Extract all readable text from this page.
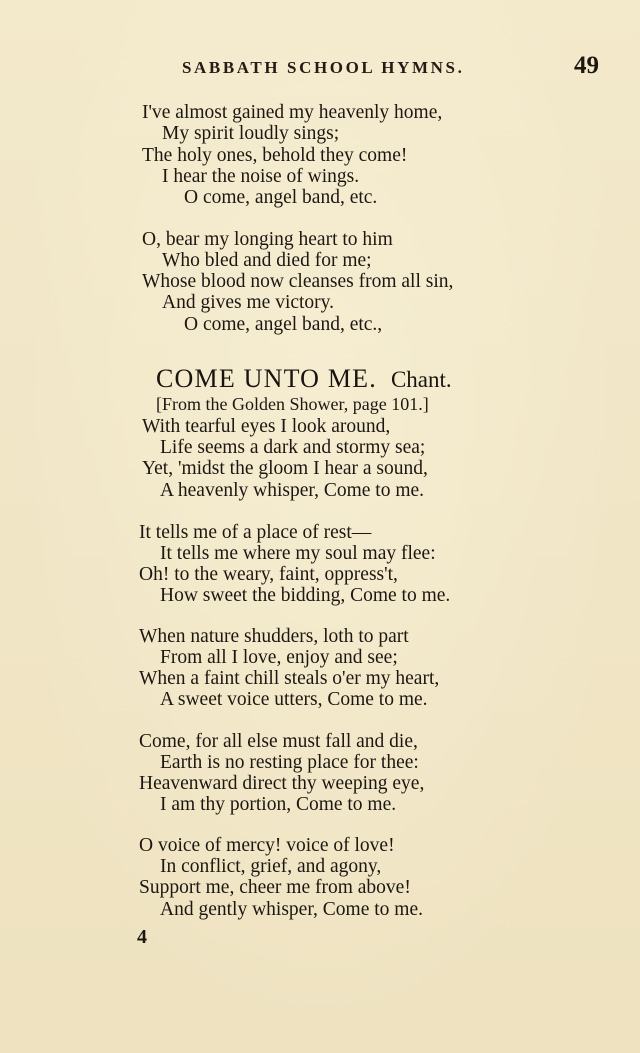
SABBATH SCHOOL HYMNS.	49
I've almost gained my heavenly home,
My spirit loudly sings;
The holy ones, behold they come!
I hear the noise of wings.
O come, angel band, etc.
O, bear my longing heart to him
Who bled and died for me;
Whose blood now cleanses from all sin,
And gives me victory.
O come, angel band, etc.,
COME UNTO ME. Chant.
[From the Golden Shower, page 101.]
With tearful eyes I look around,
Life seems a dark and stormy sea;
Yet, 'midst the gloom I hear a sound,
A heavenly whisper, Come to me.
It tells me of a place of rest—
It tells me where my soul may flee:
Oh! to the weary, faint, oppress't,
How sweet the bidding, Come to me.
When nature shudders, loth to part
From all I love, enjoy and see;
When a faint chill steals o'er my heart,
A sweet voice utters, Come to me.
Come, for all else must fall and die,
Earth is no resting place for thee:
Heavenward direct thy weeping eye,
I am thy portion, Come to me.
O voice of mercy! voice of love!
In conflict, grief, and agony,
Support me, cheer me from above!
And gently whisper, Come to me.
4
